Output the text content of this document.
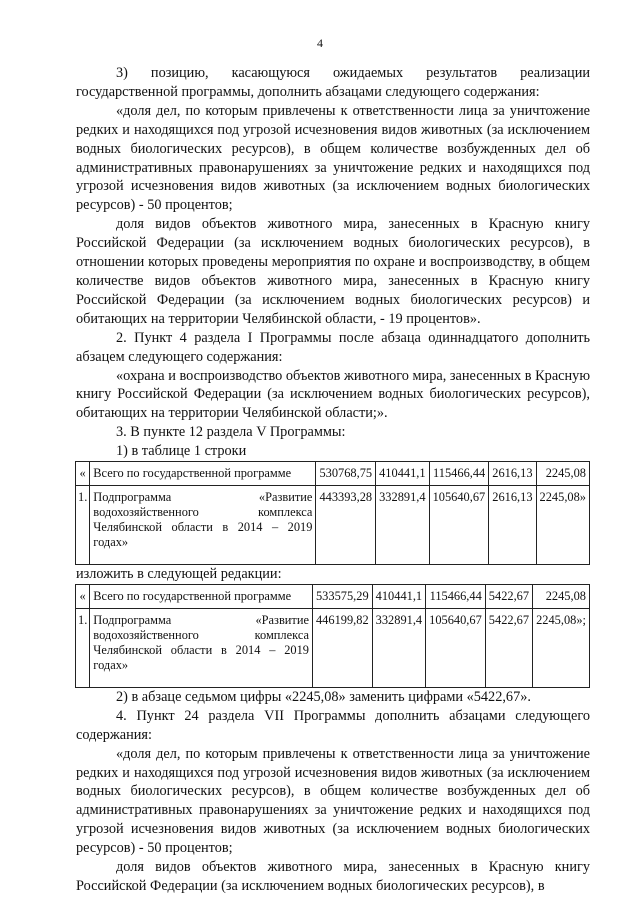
4

3) позицию, касающуюся ожидаемых результатов реализации государственной программы, дополнить абзацами следующего содержания:

«доля дел, по которым привлечены к ответственности лица за уничтожение редких и находящихся под угрозой исчезновения видов животных (за исключением водных биологических ресурсов), в общем количестве возбужденных дел об административных правонарушениях за уничтожение редких и находящихся под угрозой исчезновения видов животных (за исключением водных биологических ресурсов) - 50 процентов;

доля видов объектов животного мира, занесенных в Красную книгу Российской Федерации (за исключением водных биологических ресурсов), в отношении которых проведены мероприятия по охране и воспроизводству, в общем количестве видов объектов животного мира, занесенных в Красную книгу Российской Федерации (за исключением водных биологических ресурсов) и обитающих на территории Челябинской области, - 19 процентов».

2. Пункт 4 раздела I Программы после абзаца одиннадцатого дополнить абзацем следующего содержания:

«охрана и воспроизводство объектов животного мира, занесенных в Красную книгу Российской Федерации (за исключением водных биологических ресурсов), обитающих на территории Челябинской области;».

3. В пункте 12 раздела V Программы:

1) в таблице 1 строки

«	Всего по государственной программе	530768,75	410441,1	115466,44	2616,13	2245,08
1.	Подпрограмма «Развитие водохозяйственного комплекса Челябинской области в 2014 – 2019 годах»	443393,28	332891,4	105640,67	2616,13	2245,08»

изложить в следующей редакции:

«	Всего по государственной программе	533575,29	410441,1	115466,44	5422,67	2245,08
1.	Подпрограмма «Развитие водохозяйственного комплекса Челябинской области в 2014 – 2019 годах»	446199,82	332891,4	105640,67	5422,67	2245,08»;

2) в абзаце седьмом цифры «2245,08» заменить цифрами «5422,67».

4. Пункт 24 раздела VII Программы дополнить абзацами следующего содержания:

«доля дел, по которым привлечены к ответственности лица за уничтожение редких и находящихся под угрозой исчезновения видов животных (за исключением водных биологических ресурсов), в общем количестве возбужденных дел об административных правонарушениях за уничтожение редких и находящихся под угрозой исчезновения видов животных (за исключением водных биологических ресурсов) - 50 процентов;

доля видов объектов животного мира, занесенных в Красную книгу Российской Федерации (за исключением водных биологических ресурсов), в
